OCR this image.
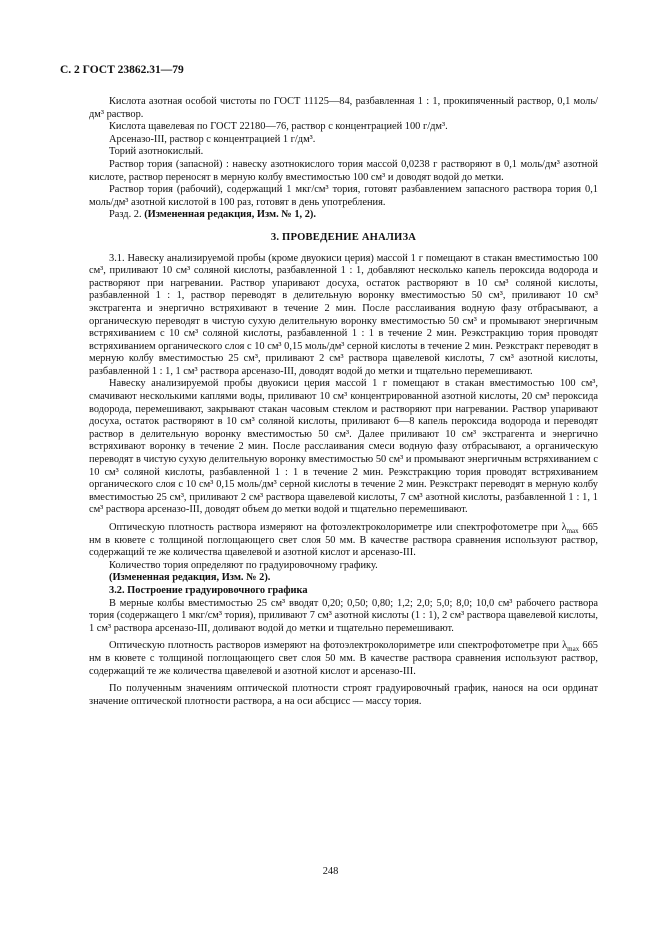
С. 2 ГОСТ 23862.31—79

Кислота азотная особой чистоты по ГОСТ 11125—84, разбавленная 1 : 1, прокипяченный раствор, 0,1 моль/дм³ раствор.

Кислота щавелевая по ГОСТ 22180—76, раствор с концентрацией 100 г/дм³.

Арсеназо-III, раствор с концентрацией 1 г/дм³.

Торий азотнокислый.

Раствор тория (запасной) : навеску азотнокислого тория массой 0,0238 г растворяют в 0,1 моль/дм³ азотной кислоте, раствор переносят в мерную колбу вместимостью 100 см³ и доводят водой до метки.

Раствор тория (рабочий), содержащий 1 мкг/см³ тория, готовят разбавлением запасного раствора тория 0,1 моль/дм³ азотной кислотой в 100 раз, готовят в день употребления.

Разд. 2. (Измененная редакция, Изм. № 1, 2).

3. ПРОВЕДЕНИЕ АНАЛИЗА

3.1. Навеску анализируемой пробы (кроме двуокиси церия) массой 1 г помещают в стакан вместимостью 100 см³, приливают 10 см³ соляной кислоты, разбавленной 1 : 1, добавляют несколько капель пероксида водорода и растворяют при нагревании. Раствор упаривают досуха, остаток растворяют в 10 см³ соляной кислоты, разбавленной 1 : 1, раствор переводят в делительную воронку вместимостью 50 см³, приливают 10 см³ экстрагента и энергично встряхивают в течение 2 мин. После расслаивания водную фазу отбрасывают, а органическую переводят в чистую сухую делительную воронку вместимостью 50 см³ и промывают энергичным встряхиванием с 10 см³ соляной кислоты, разбавленной 1 : 1 в течение 2 мин. Реэкстракцию тория проводят встряхиванием органического слоя с 10 см³ 0,15 моль/дм³ серной кислоты в течение 2 мин. Реэкстракт переводят в мерную колбу вместимостью 25 см³, приливают 2 см³ раствора щавелевой кислоты, 7 см³ азотной кислоты, разбавленной 1 : 1, 1 см³ раствора арсеназо-III, доводят водой до метки и тщательно перемешивают.

Навеску анализируемой пробы двуокиси церия массой 1 г помещают в стакан вместимостью 100 см³, смачивают несколькими каплями воды, приливают 10 см³ концентрированной азотной кислоты, 20 см³ пероксида водорода, перемешивают, закрывают стакан часовым стеклом и растворяют при нагревании. Раствор упаривают досуха, остаток растворяют в 10 см³ соляной кислоты, приливают 6—8 капель пероксида водорода и переводят раствор в делительную воронку вместимостью 50 см³. Далее приливают 10 см³ экстрагента и энергично встряхивают воронку в течение 2 мин. После расслаивания смеси водную фазу отбрасывают, а органическую переводят в чистую сухую делительную воронку вместимостью 50 см³ и промывают энергичным встряхиванием с 10 см³ соляной кислоты, разбавленной 1 : 1 в течение 2 мин. Реэкстракцию тория проводят встряхиванием органического слоя с 10 см³ 0,15 моль/дм³ серной кислоты в течение 2 мин. Реэкстракт переводят в мерную колбу вместимостью 25 см³, приливают 2 см³ раствора щавелевой кислоты, 7 см³ азотной кислоты, разбавленной 1 : 1, 1 см³ раствора арсеназо-III, доводят объем до метки водой и тщательно перемешивают.

Оптическую плотность раствора измеряют на фотоэлектроколориметре или спектрофотометре при $\lambda_{max}$ 665 нм в кювете с толщиной поглощающего свет слоя 50 мм. В качестве раствора сравнения используют раствор, содержащий те же количества щавелевой и азотной кислот и арсеназо-III.

Количество тория определяют по градуировочному графику.

(Измененная редакция, Изм. № 2).

3.2. Построение градуировочного графика

В мерные колбы вместимостью 25 см³ вводят 0,20; 0,50; 0,80; 1,2; 2,0; 5,0; 8,0; 10,0 см³ рабочего раствора тория (содержащего 1 мкг/см³ тория), приливают 7 см³ азотной кислоты (1 : 1), 2 см³ раствора щавелевой кислоты, 1 см³ раствора арсеназо-III, доливают водой до метки и тщательно перемешивают.

Оптическую плотность растворов измеряют на фотоэлектроколориметре или спектрофотометре при $\lambda_{max}$ 665 нм в кювете с толщиной поглощающего свет слоя 50 мм. В качестве раствора сравнения используют раствор, содержащий те же количества щавелевой и азотной кислот и арсеназо-III.

По полученным значениям оптической плотности строят градуировочный график, нанося на оси ординат значение оптической плотности раствора, а на оси абсцисс — массу тория.

248
